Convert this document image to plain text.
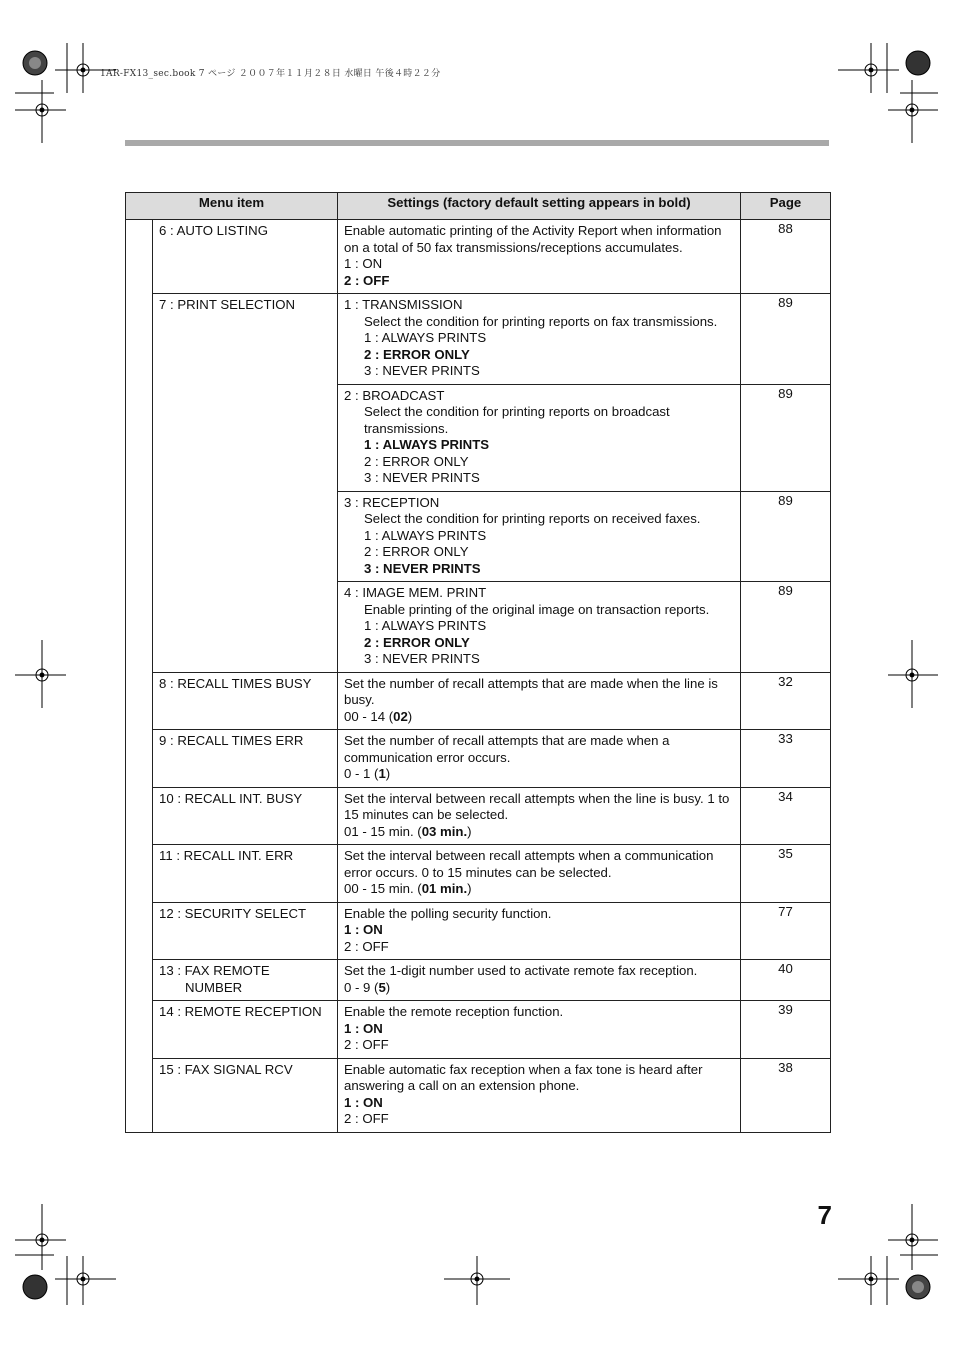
1AR-FX13_sec.book 7 ページ ２００７年１１月２８日 水曜日 午後４時２２分
Menu item		Settings (factory default setting appears in bold)	Page
	6 : AUTO LISTING	Enable automatic printing of the Activity Report when information on a total of 50 fax transmissions/receptions accumulates.
1 : ON
2 : OFF	88
	7 : PRINT SELECTION	1 : TRANSMISSION
Select the condition for printing reports on fax transmissions.
1 : ALWAYS PRINTS
2 : ERROR ONLY
3 : NEVER PRINTS	89

		2 : BROADCAST
Select the condition for printing reports on broadcast transmissions.
1 : ALWAYS PRINTS
2 : ERROR ONLY
3 : NEVER PRINTS	89

		3 : RECEPTION
Select the condition for printing reports on received faxes.
1 : ALWAYS PRINTS
2 : ERROR ONLY
3 : NEVER PRINTS	89

		4 : IMAGE MEM. PRINT
Enable printing of the original image on transaction reports.
1 : ALWAYS PRINTS
2 : ERROR ONLY
3 : NEVER PRINTS	89
	8 : RECALL TIMES BUSY	Set the number of recall attempts that are made when the line is busy.
00 - 14 (02)	32
	9 : RECALL TIMES ERR	Set the number of recall attempts that are made when a communication error occurs.
0 - 1 (1)	33
	10 : RECALL INT. BUSY	Set the interval between recall attempts when the line is busy. 1 to 15 minutes can be selected.
01 - 15 min. (03 min.)	34
	11 : RECALL INT. ERR	Set the interval between recall attempts when a communication error occurs. 0 to 15 minutes can be selected.
00 - 15 min. (01 min.)	35
	12 : SECURITY SELECT	Enable the polling security function.
1 : ON
2 : OFF	77

	13 : FAX REMOTE
NUMBER	Set the 1-digit number used to activate remote fax reception.
0 - 9 (5)	40
	14 : REMOTE RECEPTION	Enable the remote reception function.
1 : ON
2 : OFF	39
	15 : FAX SIGNAL RCV	Enable automatic fax reception when a fax tone is heard after answering a call on an extension phone.
1 : ON
2 : OFF	38
7
